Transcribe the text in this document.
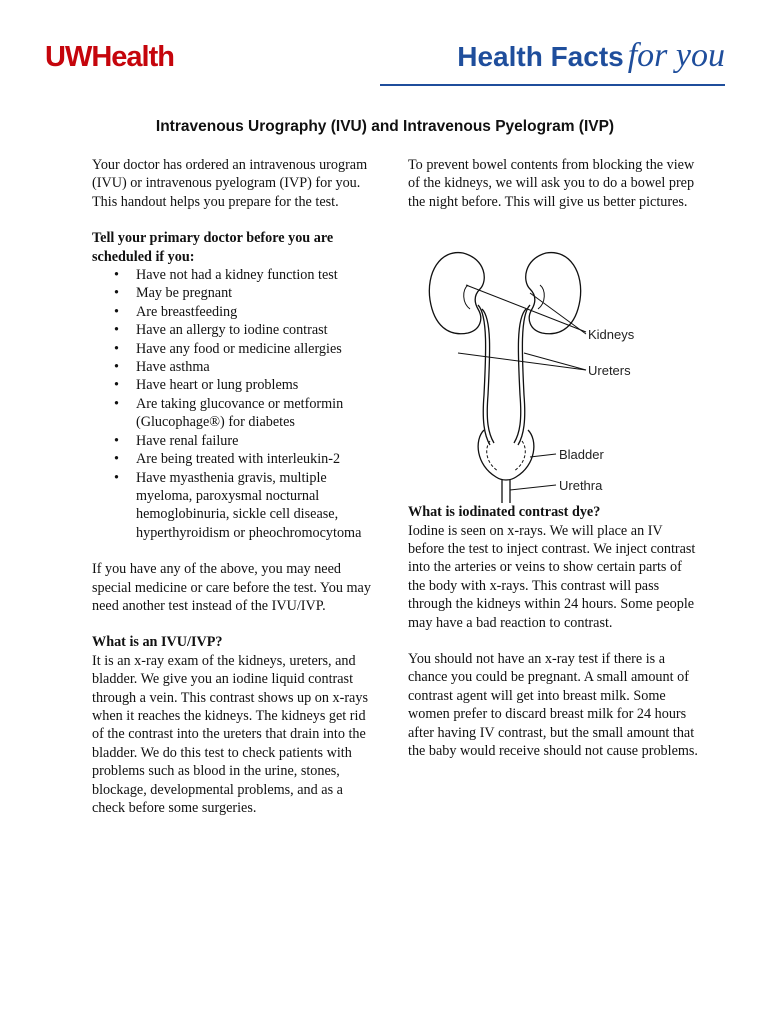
UWHealth	Health Facts for you
Intravenous Urography (IVU) and Intravenous Pyelogram (IVP)

Your doctor has ordered an intravenous urogram (IVU) or intravenous pyelogram (IVP) for you. This handout helps you prepare for the test.

Tell your primary doctor before you are scheduled if you:
• Have not had a kidney function test
• May be pregnant
• Are breastfeeding
• Have an allergy to iodine contrast
• Have any food or medicine allergies
• Have asthma
• Have heart or lung problems
• Are taking glucovance or metformin (Glucophage®) for diabetes
• Have renal failure
• Are being treated with interleukin-2
• Have myasthenia gravis, multiple myeloma, paroxysmal nocturnal hemoglobinuria, sickle cell disease, hyperthyroidism or pheochromocytoma

If you have any of the above, you may need special medicine or care before the test. You may need another test instead of the IVU/IVP.

What is an IVU/IVP?

It is an x-ray exam of the kidneys, ureters, and bladder. We give you an iodine liquid contrast through a vein. This contrast shows up on x-rays when it reaches the kidneys. The kidneys get rid of the contrast into the ureters that drain into the bladder. We do this test to check patients with problems such as blood in the urine, stones, blockage, developmental problems, and as a check before some surgeries.

To prevent bowel contents from blocking the view of the kidneys, we will ask you to do a bowel prep the night before. This will give us better pictures.

What is iodinated contrast dye?

Iodine is seen on x-rays. We will place an IV before the test to inject contrast. We inject contrast into the arteries or veins to show certain parts of the body with x-rays. This contrast will pass through the kidneys within 24 hours. Some people may have a bad reaction to contrast.

You should not have an x-ray test if there is a chance you could be pregnant. A small amount of contrast agent will get into breast milk. Some women prefer to discard breast milk for 24 hours after having IV contrast, but the small amount that the baby would receive should not cause problems.

Kidneys
Ureters
Bladder
Urethra
